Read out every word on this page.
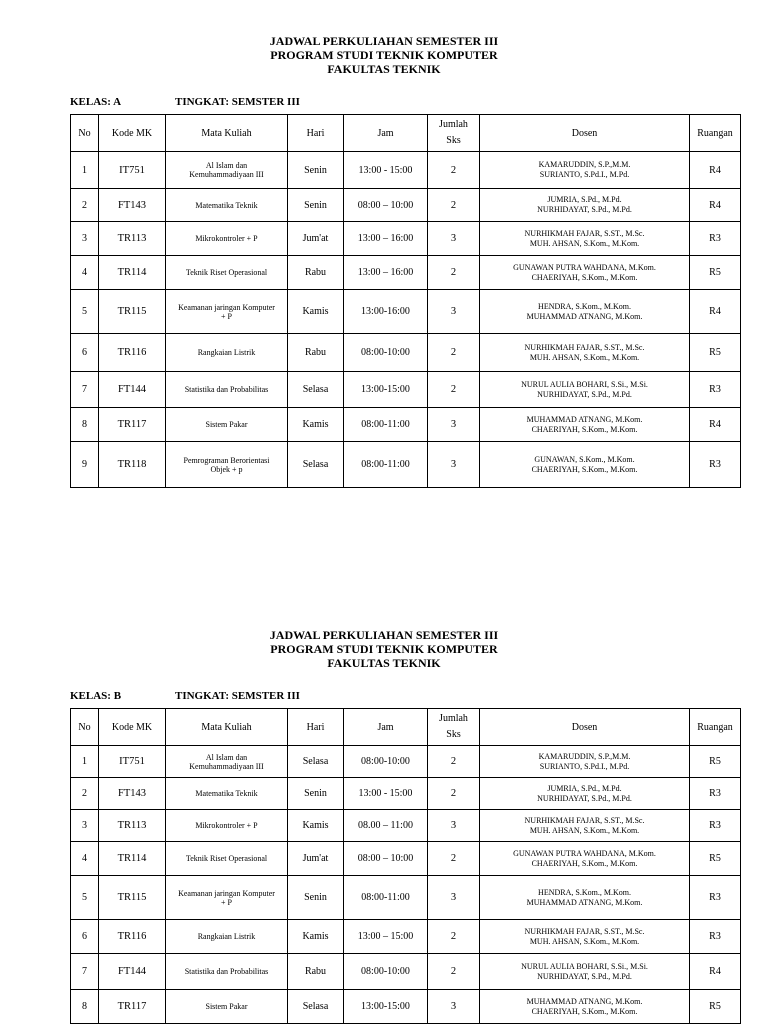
JADWAL PERKULIAHAN SEMESTER III
PROGRAM STUDI TEKNIK KOMPUTER
FAKULTAS TEKNIK
KELAS: A	TINGKAT: SEMSTER III
No	Kode MK	Mata Kuliah	Hari	Jam	Jumlah
Sks	Dosen	Ruangan
1	IT751	Al Islam dan
Kemuhammadiyaan III	Senin	13:00 - 15:00	2	KAMARUDDIN, S.P.,M.M.
SURIANTO, S.Pd.I., M.Pd.	R4
2	FT143	Matematika Teknik	Senin	08:00 – 10:00	2	JUMRIA, S.Pd., M.Pd.
NURHIDAYAT, S.Pd., M.Pd.	R4
3	TR113	Mikrokontroler + P	Jum'at	13:00 – 16:00	3	NURHIKMAH FAJAR, S.ST., M.Sc.
MUH. AHSAN, S.Kom., M.Kom.	R3
4	TR114	Teknik Riset Operasional	Rabu	13:00 – 16:00	2	GUNAWAN PUTRA WAHDANA, M.Kom.
CHAERIYAH, S.Kom., M.Kom.	R5
5	TR115	Keamanan jaringan Komputer
+ P	Kamis	13:00-16:00	3	HENDRA, S.Kom., M.Kom.
MUHAMMAD ATNANG, M.Kom.	R4
6	TR116	Rangkaian Listrik	Rabu	08:00-10:00	2	NURHIKMAH FAJAR, S.ST., M.Sc.
MUH. AHSAN, S.Kom., M.Kom.	R5
7	FT144	Statistika dan Probabilitas	Selasa	13:00-15:00	2	NURUL AULIA BOHARI, S.Si., M.Si.
NURHIDAYAT, S.Pd., M.Pd.	R3
8	TR117	Sistem Pakar	Kamis	08:00-11:00	3	MUHAMMAD ATNANG, M.Kom.
CHAERIYAH, S.Kom., M.Kom.	R4
9	TR118	Pemrograman Berorientasi
Objek + p	Selasa	08:00-11:00	3	GUNAWAN, S.Kom., M.Kom.
CHAERIYAH, S.Kom., M.Kom.	R3
JADWAL PERKULIAHAN SEMESTER III
PROGRAM STUDI TEKNIK KOMPUTER
FAKULTAS TEKNIK
KELAS: B	TINGKAT: SEMSTER III
No	Kode MK	Mata Kuliah	Hari	Jam	Jumlah
Sks	Dosen	Ruangan
1	IT751	Al Islam dan
Kemuhammadiyaan III	Selasa	08:00-10:00	2	KAMARUDDIN, S.P.,M.M.
SURIANTO, S.Pd.I., M.Pd.	R5
2	FT143	Matematika Teknik	Senin	13:00 - 15:00	2	JUMRIA, S.Pd., M.Pd.
NURHIDAYAT, S.Pd., M.Pd.	R3
3	TR113	Mikrokontroler + P	Kamis	08.00 – 11:00	3	NURHIKMAH FAJAR, S.ST., M.Sc.
MUH. AHSAN, S.Kom., M.Kom.	R3
4	TR114	Teknik Riset Operasional	Jum'at	08:00 – 10:00	2	GUNAWAN PUTRA WAHDANA, M.Kom.
CHAERIYAH, S.Kom., M.Kom.	R5
5	TR115	Keamanan jaringan Komputer
+ P	Senin	08:00-11:00	3	HENDRA, S.Kom., M.Kom.
MUHAMMAD ATNANG, M.Kom.	R3
6	TR116	Rangkaian Listrik	Kamis	13:00 – 15:00	2	NURHIKMAH FAJAR, S.ST., M.Sc.
MUH. AHSAN, S.Kom., M.Kom.	R3
7	FT144	Statistika dan Probabilitas	Rabu	08:00-10:00	2	NURUL AULIA BOHARI, S.Si., M.Si.
NURHIDAYAT, S.Pd., M.Pd.	R4
8	TR117	Sistem Pakar	Selasa	13:00-15:00	3	MUHAMMAD ATNANG, M.Kom.
CHAERIYAH, S.Kom., M.Kom.	R5
